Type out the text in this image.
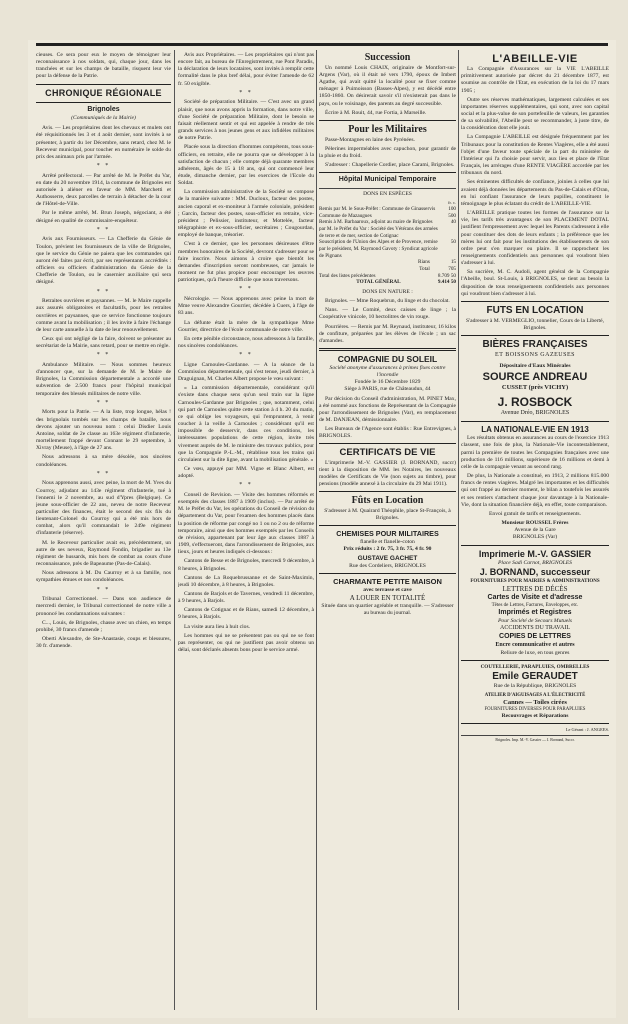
cieuses. Ce sera pour eux le moyen de témoigner leur reconnaissance à nos soldats, qui, chaque jour, dans les tranchées et sur les champs de bataille, risquent leur vie pour la défense de la Patrie.

CHRONIQUE RÉGIONALE
Brignoles
(Communiqués de la Mairie)

Avis. — Les propriétaires dont les chevaux et mulets ont été réquisitionnés les 3 et 4 août dernier, sont invités à se présenter, à partir du 1er Décembre, sans retard, chez M. le Receveur municipal, pour toucher en numéraire le solde du prix des animaux pris par l'armée.

* *

Arrêté préfectoral. — Par arrêté de M. le Préfet du Var, en date du 20 novembre 1914, la commune de Brignoles est autorisée à aliéner en faveur de MM. Marchetti et Authosserre, deux parcelles de terrain à détacher de la cour de l'Hôtel-de-Ville.

Par le même arrêté, M. Brun Joseph, négociant, a été désigné en qualité de commissaire-enquêteur.

* *

Avis aux Fournisseurs. — La Chefferie du Génie de Toulon, prévient les fournisseurs de la ville de Brignoles, que le service du Génie ne paiera que les commandes qui auront été faites par écrit, par ses représentants accrédités : officiers ou officiers d'administration du Génie de la Chefferie de Toulon, ou le casernier auxiliaire qui sera désigné.

* *

Retraites ouvrières et paysannes. — M. le Maire rappelle aux assurés obligatoires et facultatifs, pour les retraites ouvrières et paysannes, que ce service fonctionne toujours comme avant la mobilisation ; il les invite à faire l'échange de leur carte annuelle à la date de leur renouvellement.

Ceux qui ont négligé de la faire, doivent se présenter au secrétariat de la Mairie, sans retard, pour se mettre en règle.

* *

Ambulance Militaire. — Nous sommes heureux d'annoncer que, sur la demande de M. le Maire de Brignoles, la Commission départementale a accordé une subvention de 2.500 francs pour l'hôpital municipal temporaire des blessés militaires de notre ville.

* *

Morts pour la Patrie. — A la liste, trop longue, hélas ! des brignolais tombés sur les champs de bataille, nous devons ajouter un nouveau nom : celui Disdier Louis Antoine, soldat de 2e classe au 163e régiment d'infanterie, mortellement frappé devant Connant le 29 septembre, à Xivray (Meuse), à l'âge de 27 ans.

Nous adressons à sa mère désolée, nos sincères condoléances.

* *

Nous apprenons aussi, avec peine, la mort de M. Yves du Courroy, adjudant au 143e régiment d'infanterie, tué à l'ennemi le 2 novembre, au sud d'Ypres (Belgique). Ce jeune sous-officier de 22 ans, neveu de notre Receveur particulier des finances, était le second des six fils du lieutenant-Colonel du Courroy qui a été mis hors de combat, alors qu'il commandait le 249e régiment d'infanterie (réserve).

M. le Receveur particulier avait eu, précédemment, un autre de ses neveux, Raymond Fondin, brigadier au 13e régiment de hussards, mis hors de combat au cours d'une reconnaissance, près de Bapeaume (Pas-de-Calais).

Nous adressons à M. Du Caurroy et à sa famille, nos sympathies émues et nos condoléances.

* *

Tribunal Correctionnel. — Dans son audience de mercredi dernier, le Tribunal correctionnel de notre ville a prononcé les condamnations suivantes :

C..., Louis, de Brignoles, chasse avec un chien, en temps prohibé, 30 francs d'amende ;

Oberti Alexandre, de Ste-Anastasie, coups et blessures, 30 fr. d'amende.

Avis aux Propriétaires. — Les propriétaires qui n'ont pas encore fait, au bureau de l'Enregistrement, rue Pont Paradis, la déclaration de leurs locataires, sont invités à remplir cette formalité dans le plus bref délai, pour éviter l'amende de 62 fr. 50 exigible.

* *

Société de préparation Militaire. — C'est avec un grand plaisir, que nous avons appris la formation, dans notre ville, d'une Société de préparation Militaire, dont le besoin se faisait réellement sentir et qui est appelée à rendre de très grands services à nos jeunes gens et aux infidèles militaires de notre Patrie.

Placée sous la direction d'hommes compétents, tous sous-officiers, en retraite, elle ne pourra que se développer à la satisfaction de chacun ; elle compte déjà quarante membres adhérents, âgés de 15 à 18 ans, qui ont commencé leur étude, dimanche dernier, par les exercices de l'Ecole du Soldat.

La commission administrative de la Société se compose de la manière suivante : MM. Ducloux, facteur des postes, ancien caporal et ex-moniteur à l'armée coloniale, président ; Garcin, facteur des postes, sous-officier en retraite, vice-président ; Pelissier, instituteur, et Mottelée, facteur télégraphiste et ex-sous-officier, secrétaires ; Cougourdan, employé de banque, trésorier.

C'est à ce dernier, que les personnes désireuses d'être membres honoraires de la Société, devront s'adresser pour se faire inscrire. Nous aimons à croire que bientôt les demandes d'inscription seront nombreuses, car jamais le moment ne fut plus propice pour encourager les œuvres patriotiques, qu'à l'heure difficile que nous traversons.

* *

Nécrologie. — Nous apprenons avec peine la mort de Mme veuve Alexandre Gourrier, décédée à Cuers, à l'âge de 83 ans.

La défunte était la mère de la sympathique Mme Gourrier, directrice de l'école communale de notre ville.

En cette pénible circonstance, nous adressons à la famille, nos sincères condoléances.

* *

Ligne Carnoules-Gardanne. — A la séance de la Commission départementale, qui s'est tenue, jeudi dernier, à Draguignan, M. Charles Albert propose le vœu suivant :

« La commission départementale, considérant qu'il s'existe dans chaque sens qu'un seul train sur la ligne Carnoules-Gardanne par Brignoles ; que, notamment, celui qui part de Carnoules quitte cette station à 4 h. 20 du matin, ce qui oblige les voyageurs, qui l'empruntent, à venir coucher à la veille à Carnoules ; considérant qu'il est impossible de desservir, dans ces conditions, les intéressantes populations de cette région, invite très vivement auprès de M. le ministre des travaux publics, pour que la Compagnie P.-L.-M., rétablisse tous les trains qui circulaient sur la dite ligne, avant la mobilisation générale. »

Ce vœu, appuyé par MM. Vigne et Blanc Albert, est adopté.

* *

Conseil de Revision. — Visite des hommes réformés et exemptés des classes 1887 à 1909 (inclus). — Par arrêté de M. le Préfet du Var, les opérations du Conseil de révision du département du Var, pour l'examen des hommes placés dans la position de réforme par congé no 1 ou no 2 ou de réforme temporaire, ainsi que des hommes exemptés par les Conseils de révision, appartenant par leur âge aux classes 1887 à 1909, s'effectueront, dans l'arrondissement de Brignoles, aux lieux, jours et heures indiqués ci-dessous :

Cantons de Besse et de Brignoles, mercredi 9 décembre, à 8 heures, à Brignoles.

Cantons de La Roquebrussanne et de Saint-Maximin, jeudi 10 décembre, à 8 heures, à Brignoles.

Cantons de Barjols et de Tavernes, vendredi 11 décembre, à 9 heures, à Barjols.

Cantons de Cotignac et de Rians, samedi 12 décembre, à 9 heures, à Barjols.

La visite aura lieu à huit clos.

Les hommes qui ne se présentent pas ou qui ne se font pas représenter, ou qui ne justifient pas avoir obtenu un délai, sont déclarés absents bons pour le service armé.

Succession

Un nommé Louis CHAIX, originaire de Montfort-sur-Argens (Var), où il était né vers 1790, époux de Imbert Agathe, qui avait quitté la localité pour se fixer comme ménager à Puimoisson (Basses-Alpes), y est décédé entre 1850-1860. On désirerait savoir s'il n'existerait pas dans le pays, ou le voisinage, des parents au degré successible.

Écrire à M. Rouit, 44, rue Fortia, à Marseille.

Pour les Militaires

Passe-Montagnes en laine des Pyrénées.

Pèlerines imperméables avec capuchon, pour garantir de la pluie et du froid.

S'adresser : Chapellerie Cordier, place Carami, Brignoles.

Hôpital Municipal Temporaire
DONS EN ESPÈCES
fr. c.
Remis par M. le Sous-Préfet : Commune de Ginasservis	100
Commune de Mazaugues	500
Remis à M. Barbaaroux, adjoint au maire de Brignoles par M. le Préfet du Var : Société des Vétérans des armées de terre et de mer, section de Cotignac	40
Souscription de l'Union des Alpes et de Provence, remise par le président, M. Raymond Gavoty : Syndicat agricole de Pignans	50
Rians	15
Total	705
Total des listes précédentes	8.709 50
TOTAL GÉNÉRAL	9.414 50
DONS EN NATURE :

Brignoles. — Mme Roquebrun, du linge et du chocolat.

Nans. — Le Comité, deux caisses de linge ; la Coopérative vinicole, 10 hectolitres de vin rouge.

Pourrières. — Remis par M. Reynaud, instituteur, 16 kilos de confiture, préparées par les élèves de l'école ; un sac d'amandes.

COMPAGNIE DU SOLEIL
Société anonyme d'assurances à primes fixes contre l'incendie
Fondée le 16 Décembre 1829
Siège à PARIS, rue de Châteaudun, 44

Par décision du Conseil d'administration, M. PINET Max, a été nommé aux fonctions de Représentant de la Compagnie pour l'arrondissement de Brignoles (Var), en remplacement de M. DANJEAN, démissionnaire.

Les Bureaux de l'Agence sont établis : Rue Entrevignes, à BRIGNOLES.

CERTIFICATS DE VIE

L'imprimerie M.-V. GASSIER (J. BORNAND, succr) tient à la disposition de MM. les Notaires, les nouveaux modèles de Certificats de Vie (non sujets au timbre), pour pensions (modèle annexé à la circulaire du 29 Mai 1911).

Fûts en Location

S'adresser à M. Quairard Théophile, place St-François, à Brignoles.

CHEMISES POUR MILITAIRES
flanelle et flanelle-coton
Prix réduits : 2 fr. 75, 3 fr. 75, 4 fr. 90
GUSTAVE GACHET
Rue des Cordeliers, BRIGNOLES
CHARMANTE PETITE MAISON
avec terrasse et cave
A LOUER EN TOTALITÉ

Située dans un quartier agréable et tranquille. — S'adresser au bureau du journal.

L'ABEILLE-VIE

La Compagnie d'Assurances sur la VIE L'ABEILLE primitivement autorisée par décret du 21 décembre 1877, est soumise au contrôle de l'Etat, en exécution de la loi du 17 mars 1905 ;

Outre ses réserves mathématiques, largement calculées et ses importantes réserves supplémentaires, qui sont, avec son capital social et la plus-value de son portefeuille de valeurs, les garanties de sa solvabilité, l'Abeille peut se recommander, à juste titre, de la considération dont elle jouit.

La Compagnie L'ABEILLE est désignée fréquemment par les Tribunaux pour la constitution de Rentes Viagères, elle a été aussi l'objet d'une faveur toute spéciale de la part du ministère de l'Intérieur qui l'a choisie pour servir, aux lieu et place de l'Etat Français, les arrérages d'une RENTE VIAGÈRE accordée par les tribunaux du nord.

Ses éminentes difficultés de confiance, joinies à celles que lui avaient déjà données les départements du Pas-de-Calais et d'Oran, en lui confiant l'assurance de leurs pupilles, constituent le témoignage le plus éclatant du crédit de L'ABEILLE-VIE.

L'ABEILLE pratique toutes les formes de l'assurance sur la vie, les tarifs très avantageux de son PLACEMENT DOTAL justifient l'empressement avec lequel les Parents s'adressent à elle pour constituer des dots de leurs enfants ; la préférence que les mères lui ont fait pour les institutions des établissements de son ordre peut s'en marquer ou plaire. Il se rapprochent les renseignements confidentiels aux personnes qui voudront bien s'adresser à lui.

Sa sucrière, M. C. Audoli, agent général de la Compagnie l'Abeille, boul. St-Louis, à BRIGNOLES, se tient au besoin la disposition de tous renseignements confidentiels aux personnes qui voudront bien s'adresser à lui.

FUTS EN LOCATION

S'adresser à M. VERMEGLIO, tonnelier, Cours de la Liberté, Brignoles.

BIÈRES FRANÇAISES
ET BOISSONS GAZEUSES
Dépositaire d'Eaux Minérales
SOURCE ANDREAU
CUSSET (près VICHY)
J. ROSBOCK
Avenue Dréo, BRIGNOLES
LA NATIONALE-VIE EN 1913

Les résultats obtenus en assurances au cours de l'exercice 1913 classent, une fois de plus, la Nationale-Vie incontestablement, parmi la première de toutes les Compagnies françaises avec une production de 116 millions, supérieure de 16 millions et demi à celle de la compagnie venant au second rang.

De plus, la Nationale a constitué, en 1913, 2 millions 815.000 francs de rentes viagères. Malgré les importantes et les difficultés qui ont frappé au dernier moment, le bilan a toutefois les assurés et ses rentiers s'attachent chaque jour davantage à la Nationale-Vie, dont la situation financière déjà, en effet, toute comparaison.

Envoi gratuit de tarifs et renseignements.

Monsieur ROUSSEL Frères
Avenue de la Gare
BRIGNOLES (Var)
Imprimerie M.-V. GASSIER
Place Sadi Carnot, BRIGNOLES
J. BORNAND, successeur
FOURNITURES POUR MAIRIES & ADMINISTRATIONS
LETTRES DE DÉCÈS
Cartes de Visite et d'adresse
Têtes de Lettres, Factures, Enveloppes, etc.
Imprimés et Registres
Pour Société de Secours Mutuels
ACCIDENTS DU TRAVAIL
COPIES DE LETTRES
Encre communicative et autres
Reliure de luxe, en tous genres
COUTELLERIE, PARAPLUIES, OMBRELLES
Emile GERAUDET
Rue de la République, BRIGNOLES
ATELIER D'AIGUISAGES A L'ÉLECTRICITÉ
Cannes — Toiles cirées
FOURNITURES DIVERSES POUR PARAPLUIES
Recouvrages et Réparations
Le Gérant : J. ANGEES.
Brignoles. Imp. M.-V. Gassier — J. Bornand, Succr.
